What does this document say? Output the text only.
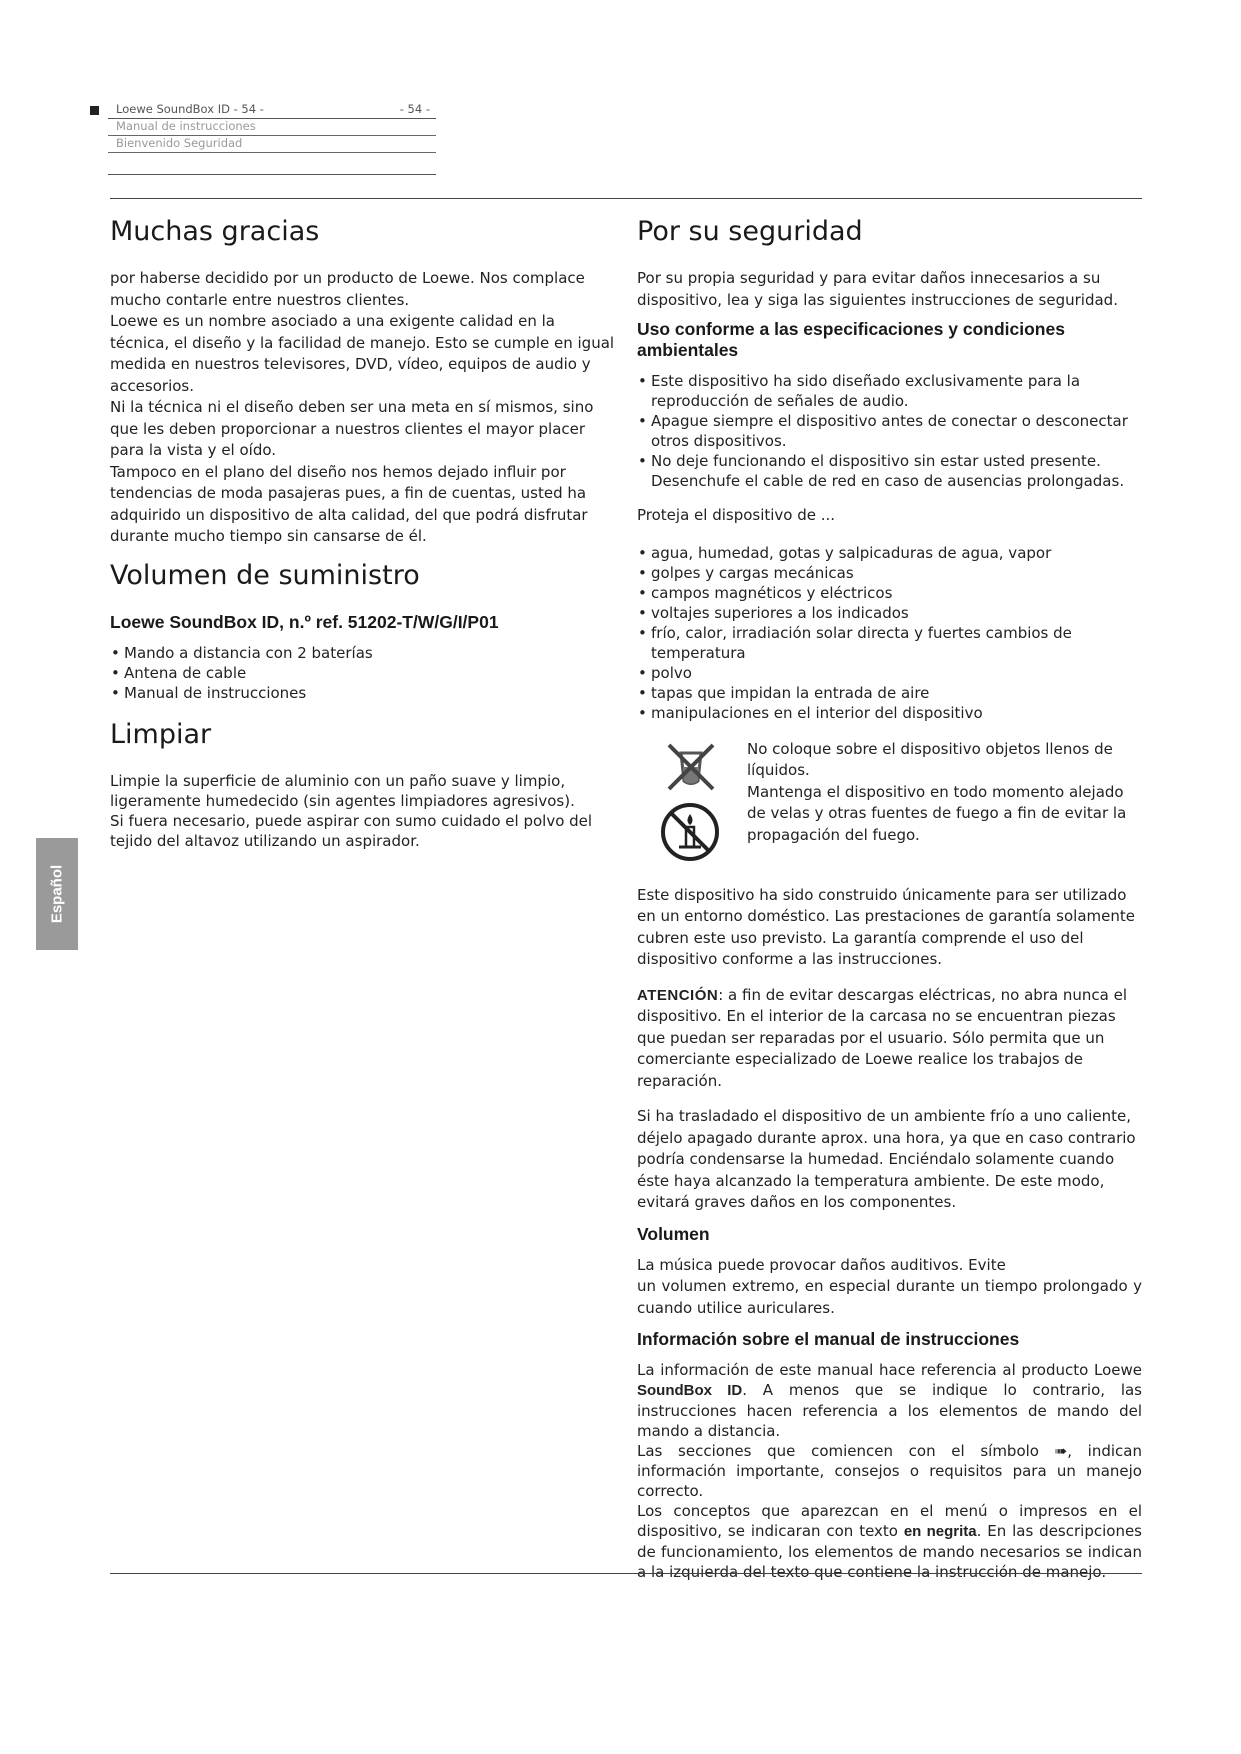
Loewe SoundBox ID - 54 -	- 54 -
Manual de instrucciones
Bienvenido Seguridad
Español
Muchas gracias

por haberse decidido por un producto de Loewe. Nos complace mucho contarle entre nuestros clientes.

Loewe es un nombre asociado a una exigente calidad en la técnica, el diseño y la facilidad de manejo. Esto se cumple en igual medida en nuestros televisores, DVD, vídeo, equipos de audio y accesorios.

Ni la técnica ni el diseño deben ser una meta en sí mismos, sino que les deben proporcionar a nuestros clientes el mayor placer para la vista y el oído.

Tampoco en el plano del diseño nos hemos dejado influir por tendencias de moda pasajeras pues, a fin de cuentas, usted ha adquirido un dispositivo de alta calidad, del que podrá disfrutar durante mucho tiempo sin cansarse de él.

Volumen de suministro
Loewe SoundBox ID, n.º ref. 51202-T/W/G/I/P01
• Mando a distancia con 2 baterías
• Antena de cable
• Manual de instrucciones
Limpiar

Limpie la superficie de aluminio con un paño suave y limpio, ligeramente humedecido (sin agentes limpiadores agresivos).

Si fuera necesario, puede aspirar con sumo cuidado el polvo del tejido del altavoz utilizando un aspirador.

Por su seguridad

Por su propia seguridad y para evitar daños innecesarios a su dispositivo, lea y siga las siguientes instrucciones de seguridad.

Uso conforme a las especificaciones y condiciones ambientales
• Este dispositivo ha sido diseñado exclusivamente para la reproducción de señales de audio.
• Apague siempre el dispositivo antes de conectar o desconectar otros dispositivos.
• No deje funcionando el dispositivo sin estar usted presente. Desenchufe el cable de red en caso de ausencias prolongadas.

Proteja el dispositivo de ...

• agua, humedad, gotas y salpicaduras de agua, vapor
• golpes y cargas mecánicas
• campos magnéticos y eléctricos
• voltajes superiores a los indicados
• frío, calor, irradiación solar directa y fuertes cambios de temperatura
• polvo
• tapas que impidan la entrada de aire
• manipulaciones en el interior del dispositivo

No coloque sobre el dispositivo objetos llenos de líquidos.

Mantenga el dispositivo en todo momento alejado de velas y otras fuentes de fuego a fin de evitar la propagación del fuego.

Este dispositivo ha sido construido únicamente para ser utilizado en un entorno doméstico. Las prestaciones de garantía solamente cubren este uso previsto. La garantía comprende el uso del dispositivo conforme a las instrucciones.

ATENCIÓN: a fin de evitar descargas eléctricas, no abra nunca el dispositivo. En el interior de la carcasa no se encuentran piezas que puedan ser reparadas por el usuario. Sólo permita que un comerciante especializado de Loewe realice los trabajos de reparación.

Si ha trasladado el dispositivo de un ambiente frío a uno caliente, déjelo apagado durante aprox. una hora, ya que en caso contrario podría condensarse la humedad. Enciéndalo solamente cuando éste haya alcanzado la temperatura ambiente. De este modo, evitará graves daños en los componentes.

Volumen

La música puede provocar daños auditivos. Evite
un volumen extremo, en especial durante un tiempo prolongado y cuando utilice auriculares.

Información sobre el manual de instrucciones

La información de este manual hace referencia al producto Loewe SoundBox ID. A menos que se indique lo contrario, las instrucciones hacen referencia a los elementos de mando del mando a distancia.

Las secciones que comiencen con el símbolo ➠, indican información importante, consejos o requisitos para un manejo correcto.

Los conceptos que aparezcan en el menú o impresos en el dispositivo, se indicaran con texto en negrita. En las descripciones de funcionamiento, los elementos de mando necesarios se indican a la izquierda del texto que contiene la instrucción de manejo.
